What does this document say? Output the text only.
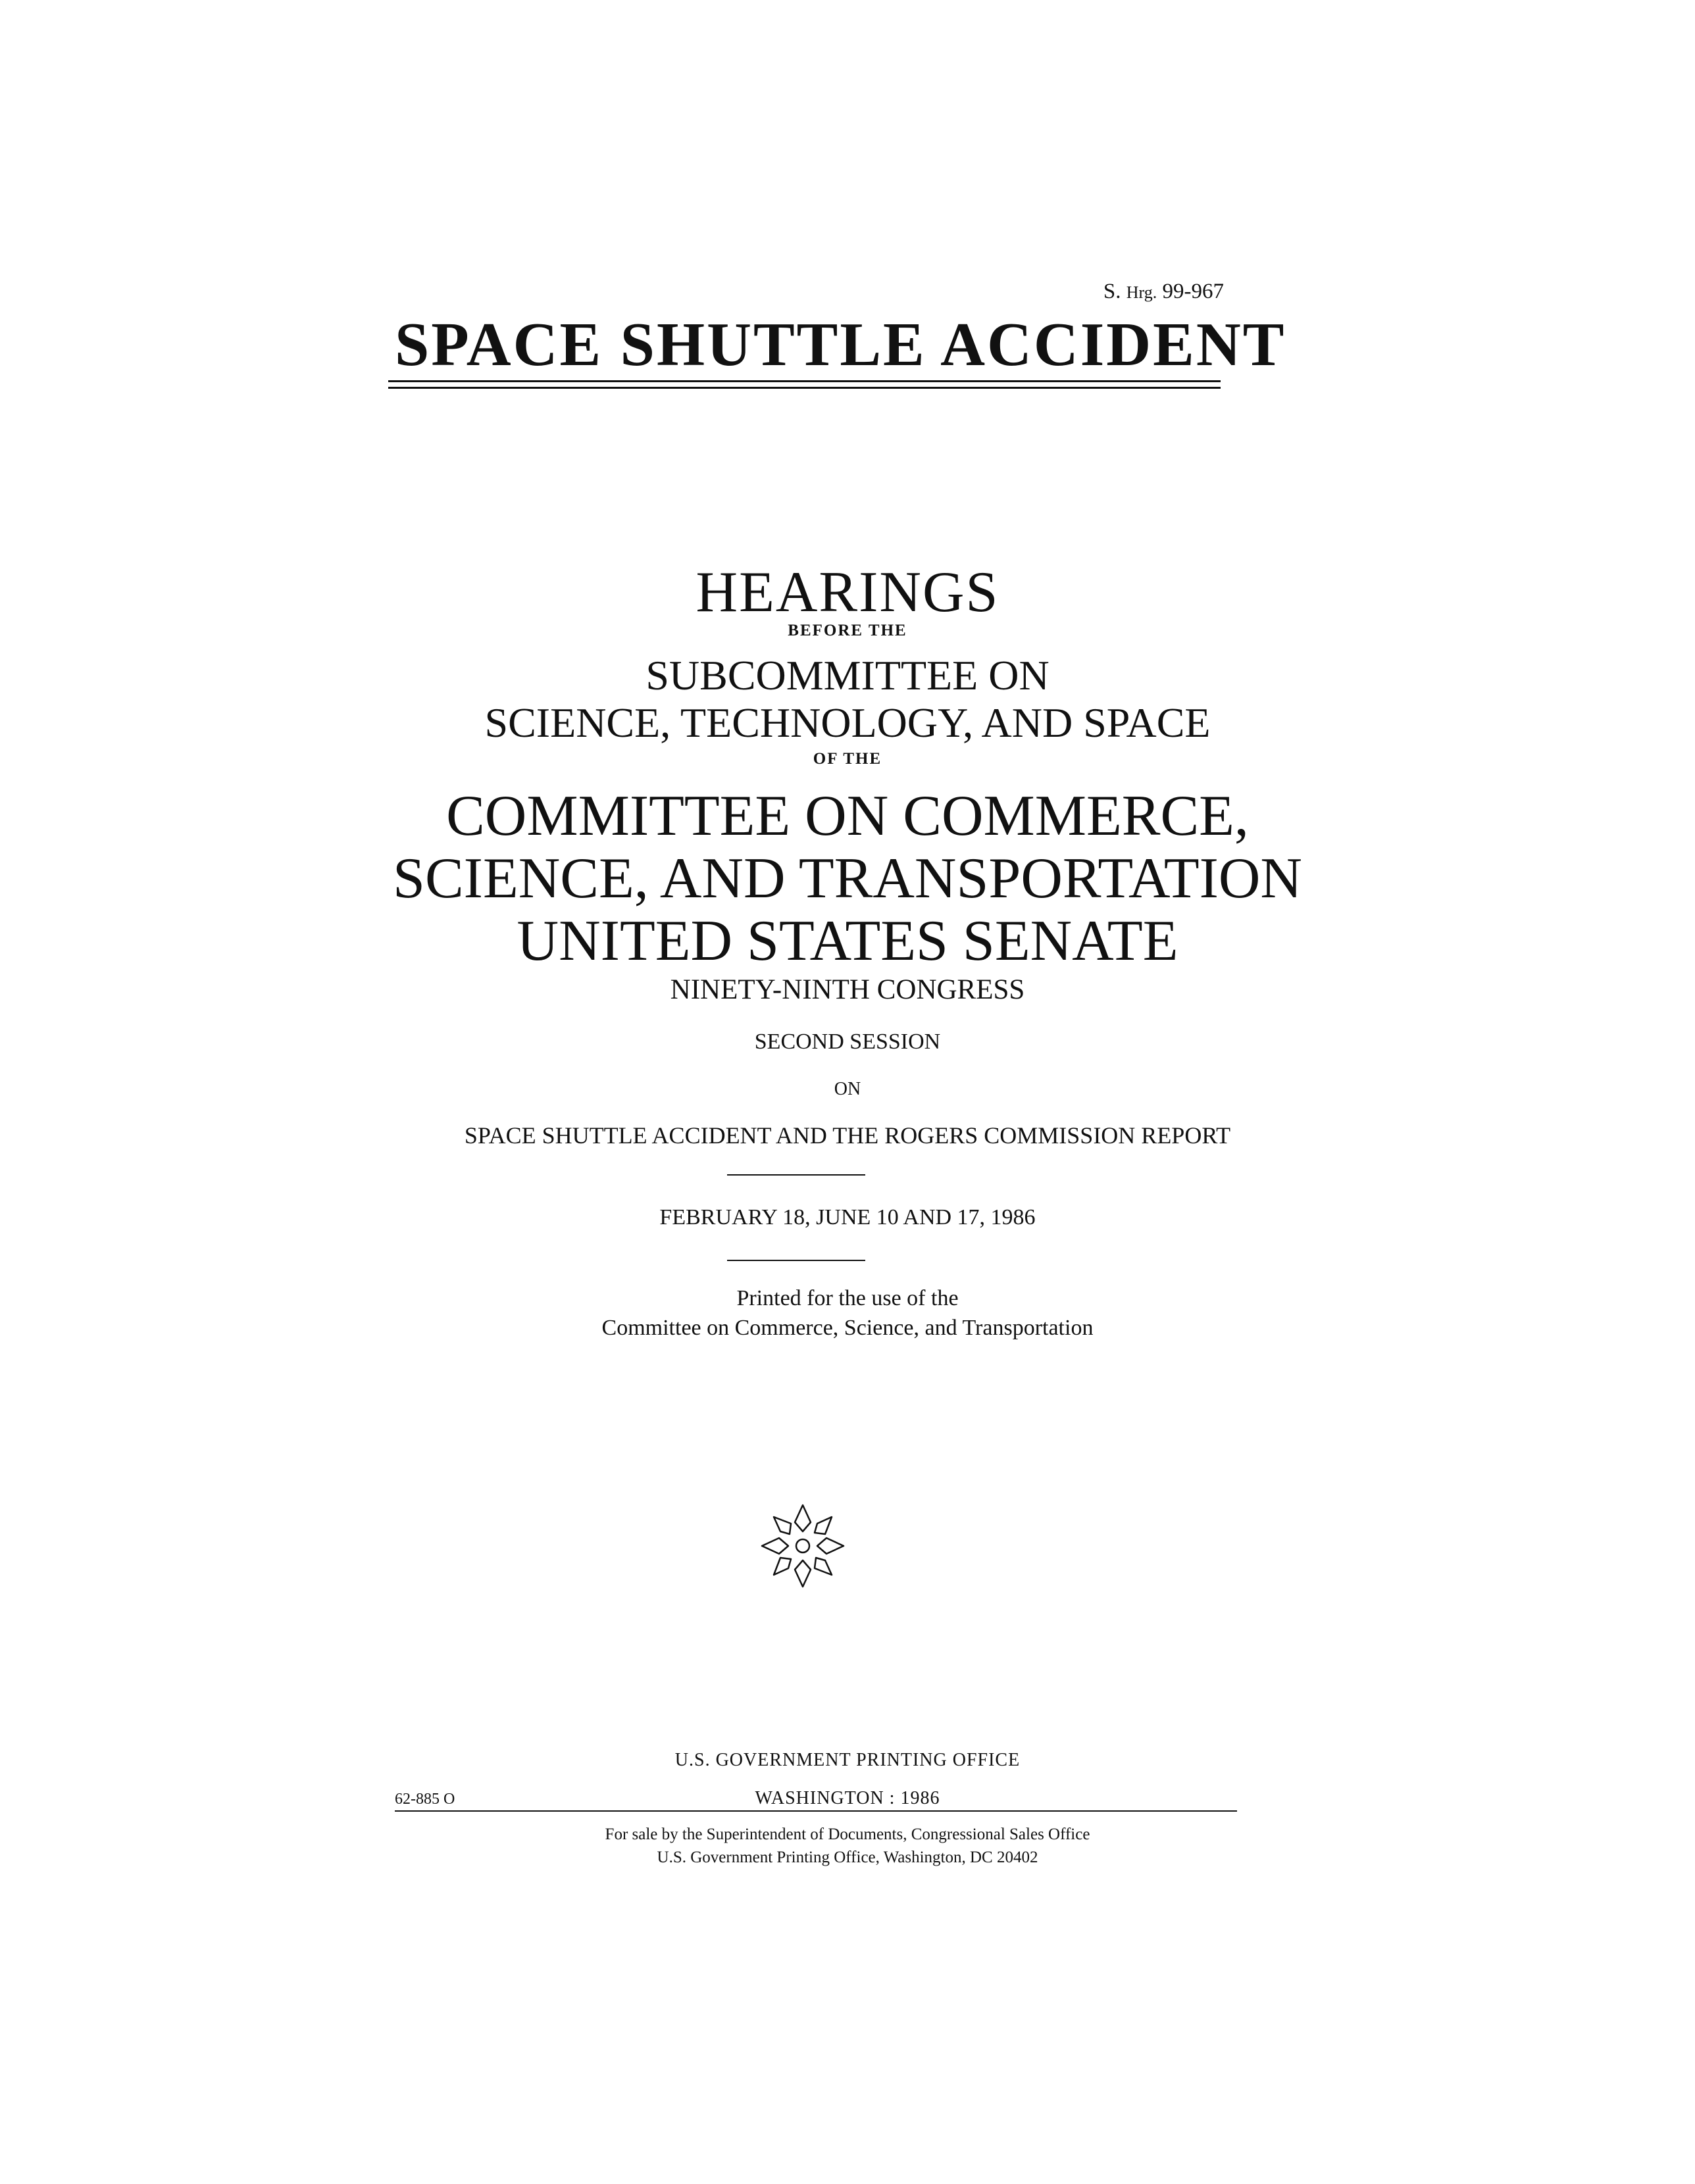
S. Hrg. 99-967
SPACE SHUTTLE ACCIDENT
HEARINGS
BEFORE THE
SUBCOMMITTEE ON
SCIENCE, TECHNOLOGY, AND SPACE
OF THE
COMMITTEE ON COMMERCE,
SCIENCE, AND TRANSPORTATION
UNITED STATES SENATE
NINETY-NINTH CONGRESS
SECOND SESSION
ON
SPACE SHUTTLE ACCIDENT AND THE ROGERS COMMISSION REPORT
FEBRUARY 18, JUNE 10 AND 17, 1986
Printed for the use of the
Committee on Commerce, Science, and Transportation
U.S. GOVERNMENT PRINTING OFFICE
WASHINGTON : 1986
62-885 O
For sale by the Superintendent of Documents, Congressional Sales Office
U.S. Government Printing Office, Washington, DC 20402
